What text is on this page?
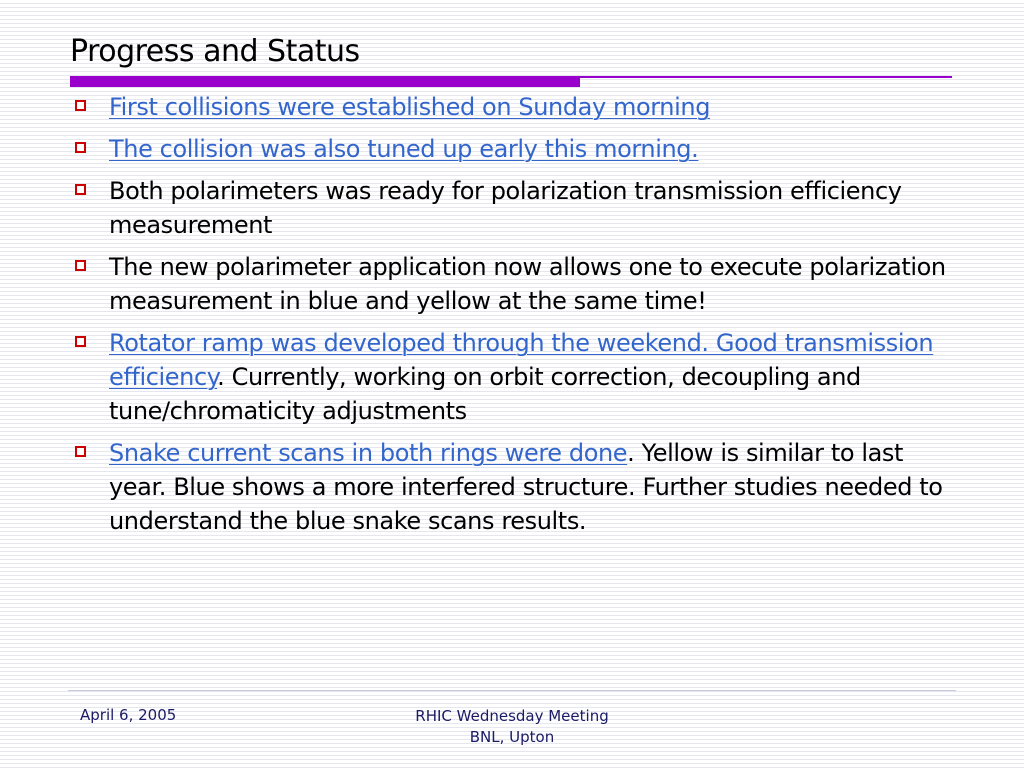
Progress and Status
First collisions were established on Sunday morning
The collision was also tuned up early this morning.
Both polarimeters was ready for polarization transmission efficiency measurement
The new polarimeter application now allows one to execute polarization measurement in blue and yellow at the same time!
Rotator ramp was developed through the weekend. Good transmission efficiency. Currently, working on orbit correction, decoupling and tune/chromaticity adjustments
Snake current scans in both rings were done. Yellow is similar to last year. Blue shows a more interfered structure. Further studies needed to understand the blue snake scans results.
April 6, 2005	RHIC Wednesday Meeting
BNL, Upton
